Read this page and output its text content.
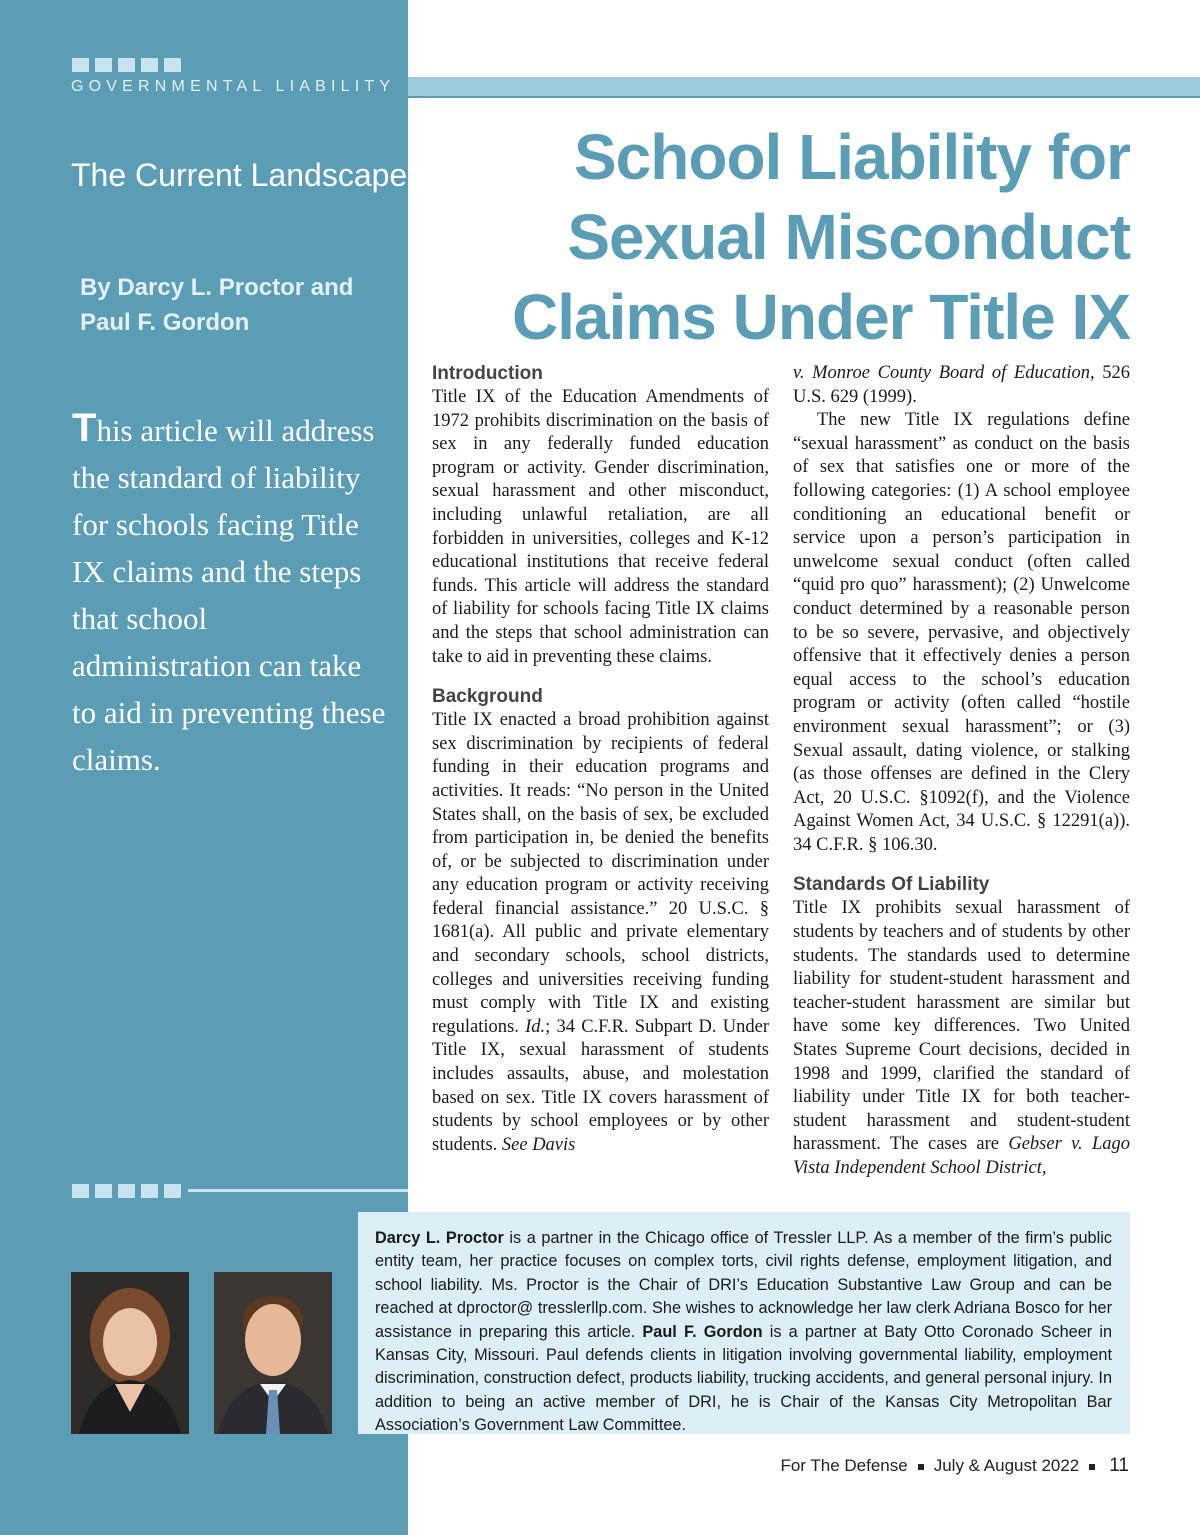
GOVERNMENTAL LIABILITY
The Current Landscape
By Darcy L. Proctor and
Paul F. Gordon
This article will address the standard of liability for schools facing Title IX claims and the steps that school administration can take to aid in preventing these claims.
School Liability for
Sexual Misconduct
Claims Under Title IX
Introduction

Title IX of the Education Amendments of 1972 prohibits discrimination on the basis of sex in any federally funded education program or activity. Gender discrimination, sexual harassment and other misconduct, including unlawful retaliation, are all forbidden in universities, colleges and K-12 educational institutions that receive federal funds. This article will address the standard of liability for schools facing Title IX claims and the steps that school administration can take to aid in preventing these claims.

Background

Title IX enacted a broad prohibition against sex discrimination by recipients of federal funding in their education programs and activities. It reads: “No person in the United States shall, on the basis of sex, be excluded from participation in, be denied the benefits of, or be subjected to discrimination under any education program or activity receiving federal financial assistance.” 20 U.S.C. § 1681(a). All public and private elementary and secondary schools, school districts, colleges and universities receiving funding must comply with Title IX and existing regulations. Id.; 34 C.F.R. Subpart D. Under Title IX, sexual harassment of students includes assaults, abuse, and molestation based on sex. Title IX covers harassment of students by school employees or by other students. See Davis

v. Monroe County Board of Education, 526 U.S. 629 (1999).

The new Title IX regulations define “sexual harassment” as conduct on the basis of sex that satisfies one or more of the following categories: (1) A school employee conditioning an educational benefit or service upon a person’s participation in unwelcome sexual conduct (often called “quid pro quo” harassment); (2) Unwelcome conduct determined by a reasonable person to be so severe, pervasive, and objectively offensive that it effectively denies a person equal access to the school’s education program or activity (often called “hostile environment sexual harassment”; or (3) Sexual assault, dating violence, or stalking (as those offenses are defined in the Clery Act, 20 U.S.C. §1092(f), and the Violence Against Women Act, 34 U.S.C. § 12291(a)). 34 C.F.R. § 106.30.

Standards Of Liability

Title IX prohibits sexual harassment of students by teachers and of students by other students. The standards used to determine liability for student-student harassment and teacher-student harassment are similar but have some key differences. Two United States Supreme Court decisions, decided in 1998 and 1999, clarified the standard of liability under Title IX for both teacher-student harassment and student-student harassment. The cases are Gebser v. Lago Vista Independent School District,

Darcy L. Proctor is a partner in the Chicago office of Tressler LLP. As a member of the firm’s public entity team, her practice focuses on complex torts, civil rights defense, employment litigation, and school liability. Ms. Proctor is the Chair of DRI’s Education Substantive Law Group and can be reached at dproctor@ tresslerllp.com. She wishes to acknowledge her law clerk Adriana Bosco for her assistance in preparing this article. Paul F. Gordon is a partner at Baty Otto Coronado Scheer in Kansas City, Missouri. Paul defends clients in litigation involving governmental liability, employment discrimination, construction defect, products liability, trucking accidents, and general personal injury. In addition to being an active member of DRI, he is Chair of the Kansas City Metropolitan Bar Association’s Government Law Committee.
For The Defense July & August 2022 11
